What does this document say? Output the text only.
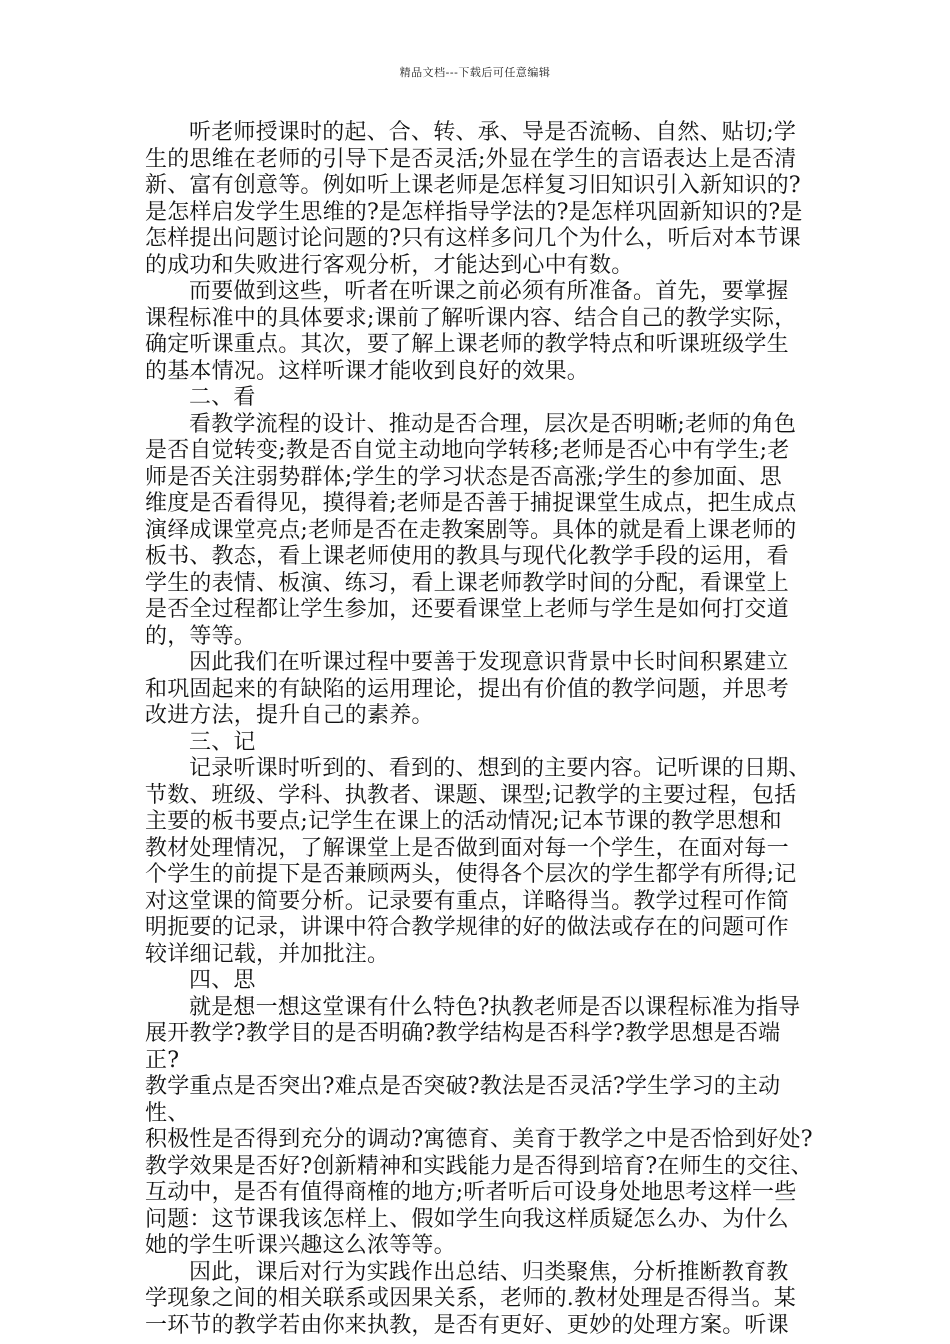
精品文档---下载后可任意编辑

听老师授课时的起、合、转、承、导是否流畅、自然、贴切;学
生的思维在老师的引导下是否灵活;外显在学生的言语表达上是否清
新、富有创意等。例如听上课老师是怎样复习旧知识引入新知识的?
是怎样启发学生思维的?是怎样指导学法的?是怎样巩固新知识的?是
怎样提出问题讨论问题的?只有这样多问几个为什么，听后对本节课
的成功和失败进行客观分析，才能达到心中有数。

而要做到这些，听者在听课之前必须有所准备。首先，要掌握
课程标准中的具体要求;课前了解听课内容、结合自己的教学实际，
确定听课重点。其次，要了解上课老师的教学特点和听课班级学生
的基本情况。这样听课才能收到良好的效果。

二、看

看教学流程的设计、推动是否合理，层次是否明晰;老师的角色
是否自觉转变;教是否自觉主动地向学转移;老师是否心中有学生;老
师是否关注弱势群体;学生的学习状态是否高涨;学生的参加面、思
维度是否看得见，摸得着;老师是否善于捕捉课堂生成点，把生成点
演绎成课堂亮点;老师是否在走教案剧等。具体的就是看上课老师的
板书、教态，看上课老师使用的教具与现代化教学手段的运用，看
学生的表情、板演、练习，看上课老师教学时间的分配，看课堂上
是否全过程都让学生参加，还要看课堂上老师与学生是如何打交道
的，等等。

因此我们在听课过程中要善于发现意识背景中长时间积累建立
和巩固起来的有缺陷的运用理论，提出有价值的教学问题，并思考
改进方法，提升自己的素养。

三、记

记录听课时听到的、看到的、想到的主要内容。记听课的日期、
节数、班级、学科、执教者、课题、课型;记教学的主要过程，包括
主要的板书要点;记学生在课上的活动情况;记本节课的教学思想和
教材处理情况，了解课堂上是否做到面对每一个学生，在面对每一
个学生的前提下是否兼顾两头，使得各个层次的学生都学有所得;记
对这堂课的简要分析。记录要有重点，详略得当。教学过程可作简
明扼要的记录，讲课中符合教学规律的好的做法或存在的问题可作
较详细记载，并加批注。

四、思

就是想一想这堂课有什么特色?执教老师是否以课程标准为指导
展开教学?教学目的是否明确?教学结构是否科学?教学思想是否端正?
教学重点是否突出?难点是否突破?教法是否灵活?学生学习的主动性、
积极性是否得到充分的调动?寓德育、美育于教学之中是否恰到好处?
教学效果是否好?创新精神和实践能力是否得到培育?在师生的交往、
互动中，是否有值得商榷的地方;听者听后可设身处地思考这样一些
问题：这节课我该怎样上、假如学生向我这样质疑怎么办、为什么
她的学生听课兴趣这么浓等等。

因此，课后对行为实践作出总结、归类聚焦，分析推断教育教
学现象之间的相关联系或因果关系，老师的.教材处理是否得当。某
一环节的教学若由你来执教，是否有更好、更妙的处理方案。听课
